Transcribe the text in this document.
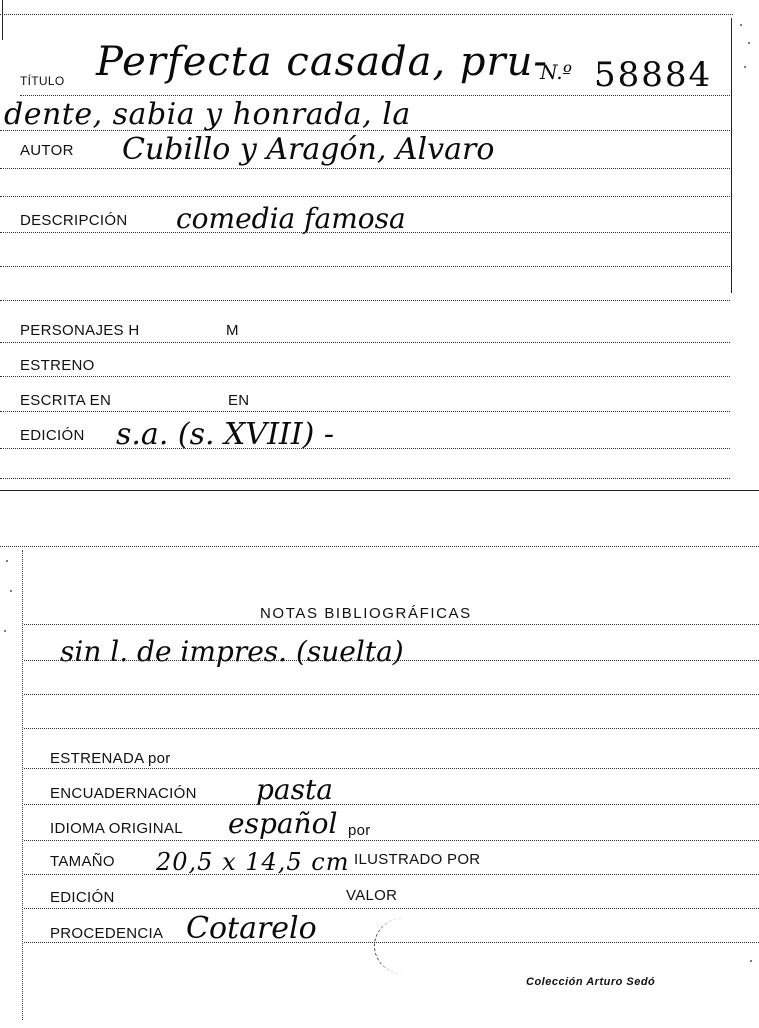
TÍTULO Perfecta casada, pru-
N.º 58884
dente, sabia y honrada, la
AUTOR Cubillo y Aragón, Alvaro
DESCRIPCIÓN comedia famosa
PERSONAJES H	M
ESTRENO
ESCRITA EN	EN
EDICIÓN s.a. (s. XVIII) -
NOTAS BIBLIOGRÁFICAS
sin l. de impres. (suelta)
ESTRENADA por
ENCUADERNACIÓN pasta
IDIOMA ORIGINAL español por
TAMAÑO 20,5 x 14,5 cm ILUSTRADO POR
EDICIÓN	VALOR
PROCEDENCIA Cotarelo
Colección Arturo Sedó
